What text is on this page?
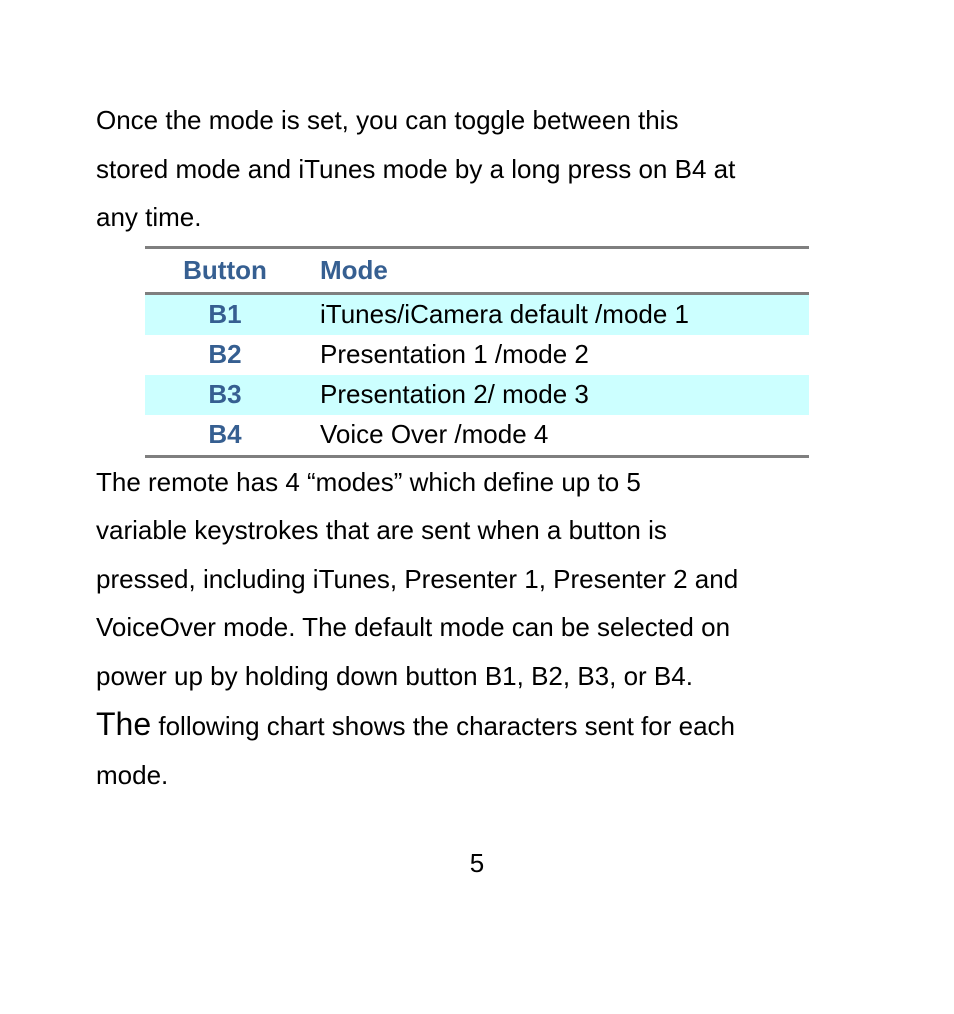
Once the mode is set, you can toggle between this
stored mode and iTunes mode by a long press on B4 at
any time.
Button	Mode
B1	iTunes/iCamera default /mode 1
B2	Presentation 1 /mode 2
B3	Presentation 2/ mode 3
B4	Voice Over /mode 4
The remote has 4 “modes” which define up to 5
variable keystrokes that are sent when a button is
pressed, including iTunes, Presenter 1, Presenter 2 and
VoiceOver mode. The default mode can be selected on
power up by holding down button B1, B2, B3, or B4.
The following chart shows the characters sent for each
mode.
5
